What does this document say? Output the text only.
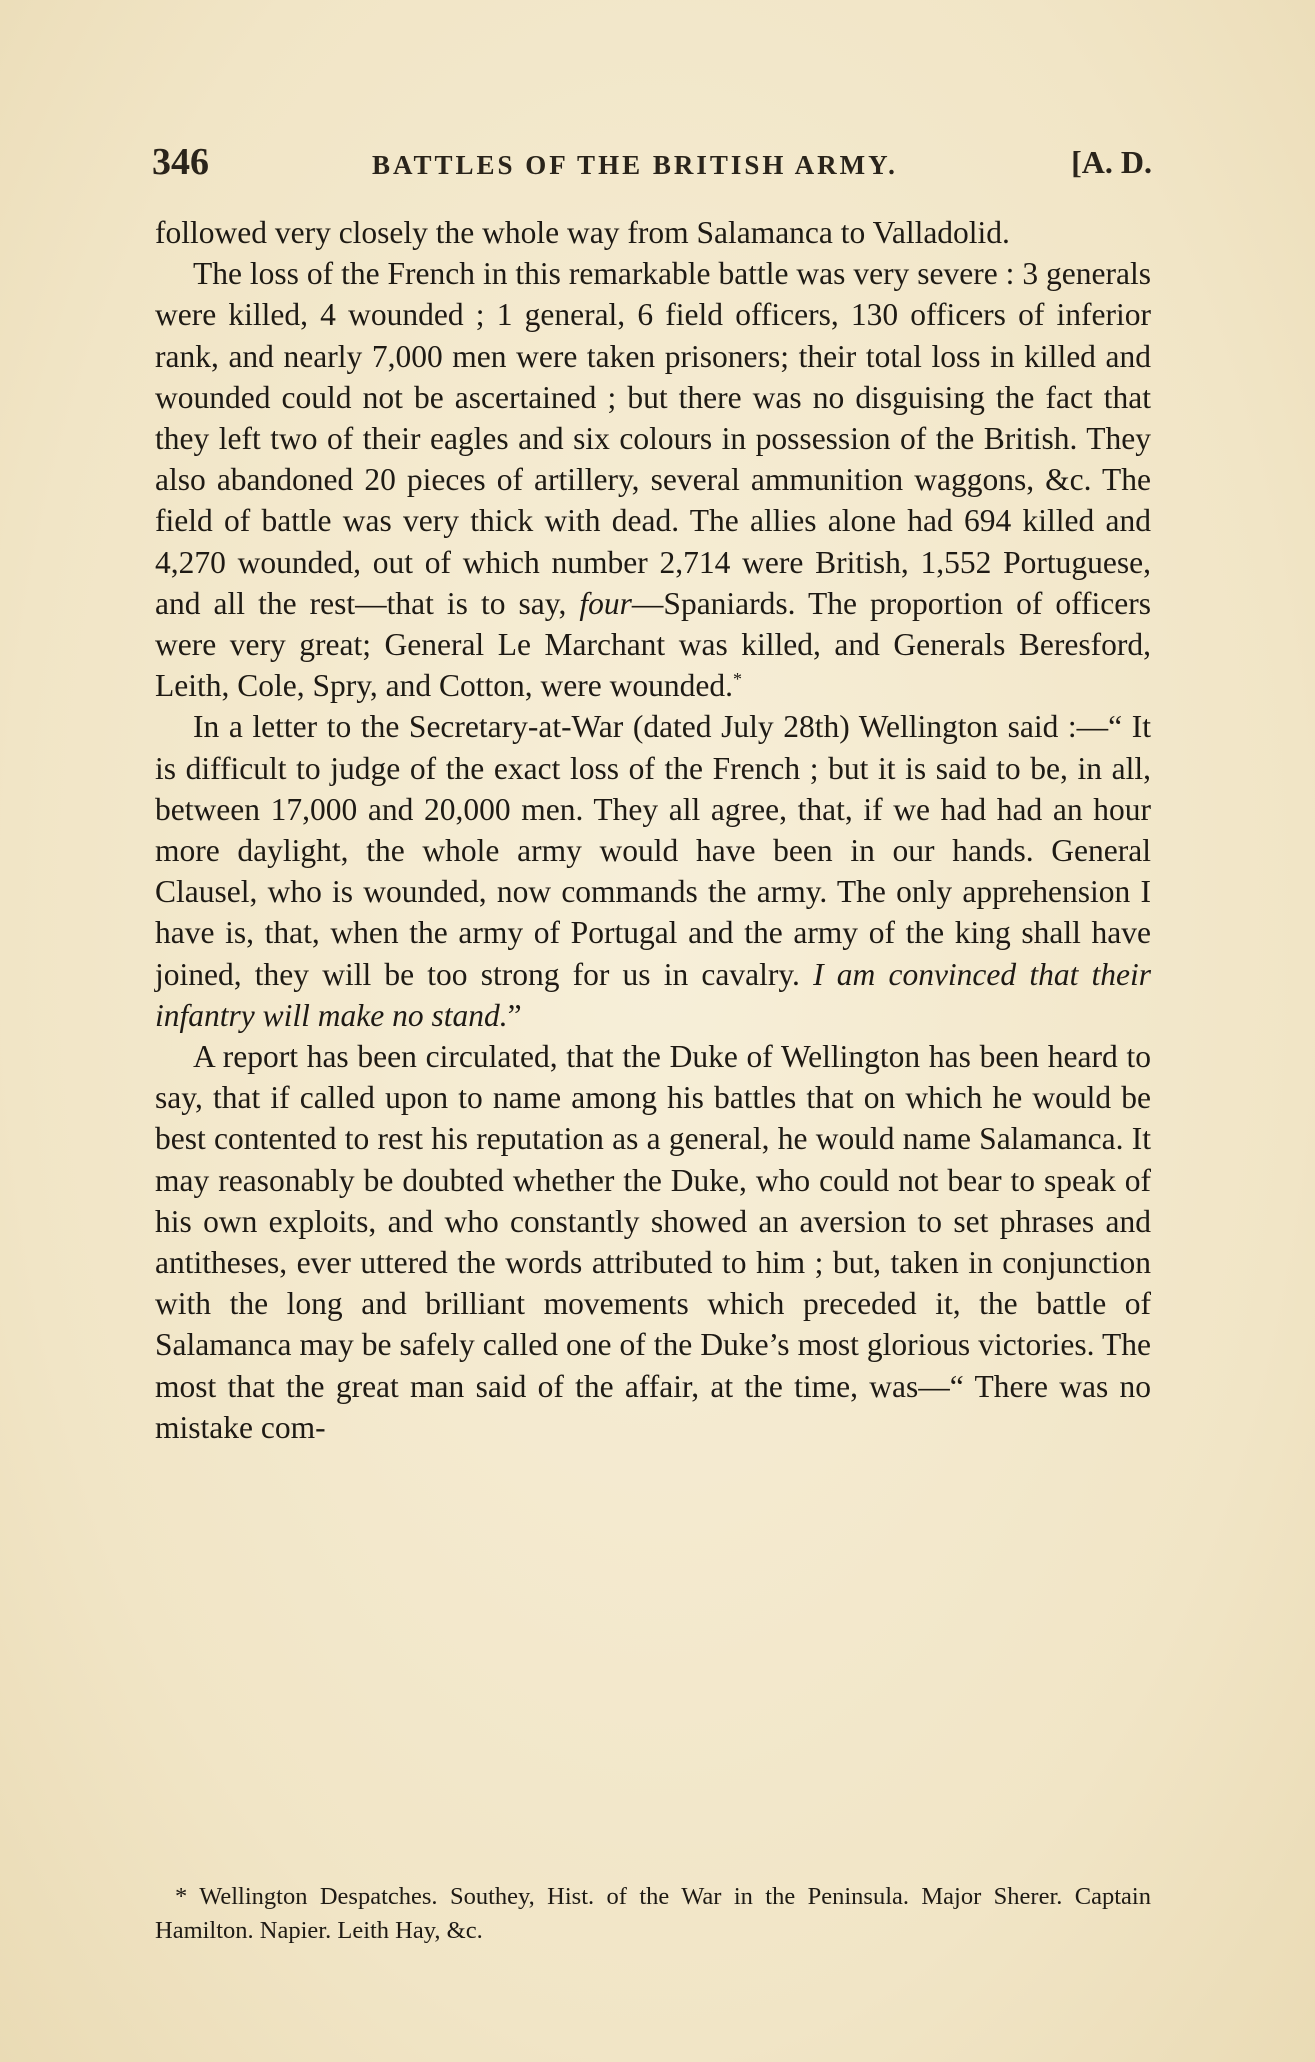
346	BATTLES OF THE BRITISH ARMY.	[A. D.

followed very closely the whole way from Salamanca to Valladolid.

The loss of the French in this remarkable battle was very severe : 3 generals were killed, 4 wounded ; 1 general, 6 field officers, 130 officers of inferior rank, and nearly 7,000 men were taken prisoners; their total loss in killed and wounded could not be ascertained ; but there was no disguising the fact that they left two of their eagles and six colours in possession of the British. They also abandoned 20 pieces of artillery, several ammunition waggons, &c. The field of battle was very thick with dead. The allies alone had 694 killed and 4,270 wounded, out of which number 2,714 were British, 1,552 Portuguese, and all the rest—that is to say, four—Spaniards. The proportion of officers were very great; General Le Marchant was killed, and Generals Beresford, Leith, Cole, Spry, and Cotton, were wounded.*

In a letter to the Secretary-at-War (dated July 28th) Wellington said :—“ It is difficult to judge of the exact loss of the French ; but it is said to be, in all, between 17,000 and 20,000 men. They all agree, that, if we had had an hour more daylight, the whole army would have been in our hands. General Clausel, who is wounded, now commands the army. The only apprehension I have is, that, when the army of Portugal and the army of the king shall have joined, they will be too strong for us in cavalry. I am convinced that their infantry will make no stand.”

A report has been circulated, that the Duke of Wellington has been heard to say, that if called upon to name among his battles that on which he would be best contented to rest his reputation as a general, he would name Salamanca. It may reasonably be doubted whether the Duke, who could not bear to speak of his own exploits, and who constantly showed an aversion to set phrases and antitheses, ever uttered the words attributed to him ; but, taken in conjunction with the long and brilliant movements which preceded it, the battle of Salamanca may be safely called one of the Duke’s most glorious victories. The most that the great man said of the affair, at the time, was—“ There was no mistake com-

* Wellington Despatches. Southey, Hist. of the War in the Peninsula. Major Sherer. Captain Hamilton. Napier. Leith Hay, &c.
